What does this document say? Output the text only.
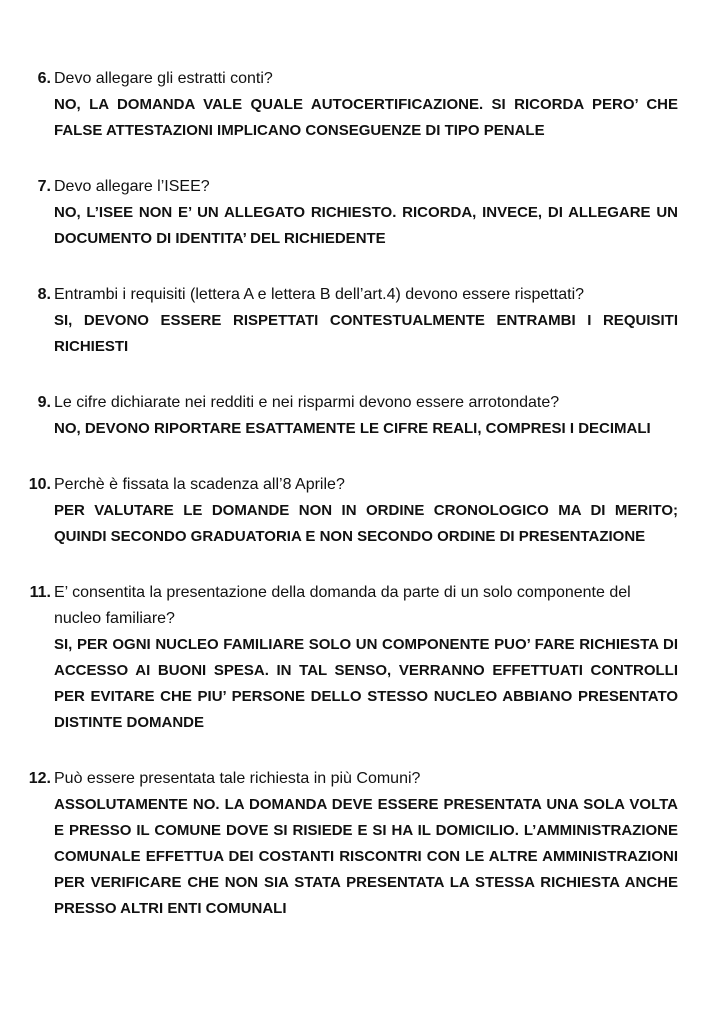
6. Devo allegare gli estratti conti?
NO, LA DOMANDA VALE QUALE AUTOCERTIFICAZIONE. SI RICORDA PERO’ CHE FALSE ATTESTAZIONI IMPLICANO CONSEGUENZE DI TIPO PENALE
7. Devo allegare l’ISEE?
NO, L’ISEE NON E’ UN ALLEGATO RICHIESTO. RICORDA, INVECE, DI ALLEGARE UN DOCUMENTO DI IDENTITA’ DEL RICHIEDENTE
8. Entrambi i requisiti (lettera A e lettera B dell’art.4) devono essere rispettati?
SI, DEVONO ESSERE RISPETTATI CONTESTUALMENTE ENTRAMBI I REQUISITI RICHIESTI
9. Le cifre dichiarate nei redditi e nei risparmi devono essere arrotondate?
NO, DEVONO RIPORTARE ESATTAMENTE LE CIFRE REALI, COMPRESI I DECIMALI
10. Perchè è fissata la scadenza all’8 Aprile?
PER VALUTARE LE DOMANDE NON IN ORDINE CRONOLOGICO MA DI MERITO; QUINDI SECONDO GRADUATORIA E NON SECONDO ORDINE DI PRESENTAZIONE
11. E’ consentita la presentazione della domanda da parte di un solo componente del nucleo familiare?
SI, PER OGNI NUCLEO FAMILIARE SOLO UN COMPONENTE PUO’ FARE RICHIESTA DI ACCESSO AI BUONI SPESA. IN TAL SENSO, VERRANNO EFFETTUATI CONTROLLI PER EVITARE CHE PIU’ PERSONE DELLO STESSO NUCLEO ABBIANO PRESENTATO DISTINTE DOMANDE
12. Può essere presentata tale richiesta in più Comuni?
ASSOLUTAMENTE NO. LA DOMANDA DEVE ESSERE PRESENTATA UNA SOLA VOLTA E PRESSO IL COMUNE DOVE SI RISIEDE E SI HA IL DOMICILIO. L’AMMINISTRAZIONE COMUNALE EFFETTUA DEI COSTANTI RISCONTRI CON LE ALTRE AMMINISTRAZIONI PER VERIFICARE CHE NON SIA STATA PRESENTATA LA STESSA RICHIESTA ANCHE PRESSO ALTRI ENTI COMUNALI
